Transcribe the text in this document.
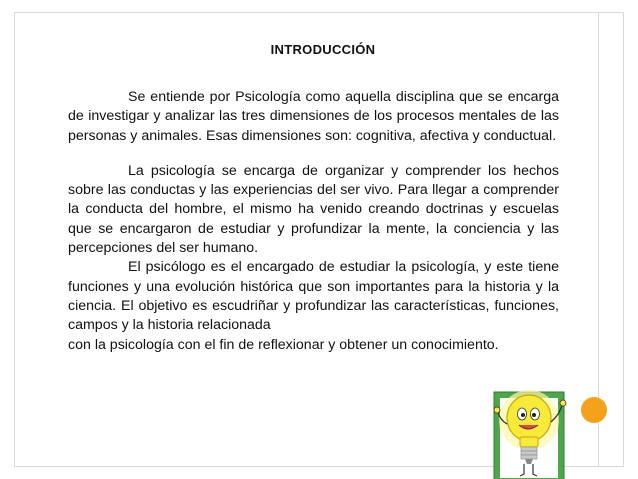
INTRODUCCIÓN

Se entiende por Psicología como aquella disciplina que se encarga de investigar y analizar las tres dimensiones de los procesos mentales de las personas y animales. Esas dimensiones son: cognitiva, afectiva y conductual.

La psicología se encarga de organizar y comprender los hechos sobre las conductas y las experiencias del ser vivo. Para llegar a comprender la conducta del hombre, el mismo ha venido creando doctrinas y escuelas que se encargaron de estudiar y profundizar la mente, la conciencia y las percepciones del ser humano.

El psicólogo es el encargado de estudiar la psicología, y este tiene funciones y una evolución histórica que son importantes para la historia y la ciencia. El objetivo es escudriñar y profundizar las características, funciones, campos y la historia relacionada

con la psicología con el fin de reflexionar y obtener un conocimiento.
